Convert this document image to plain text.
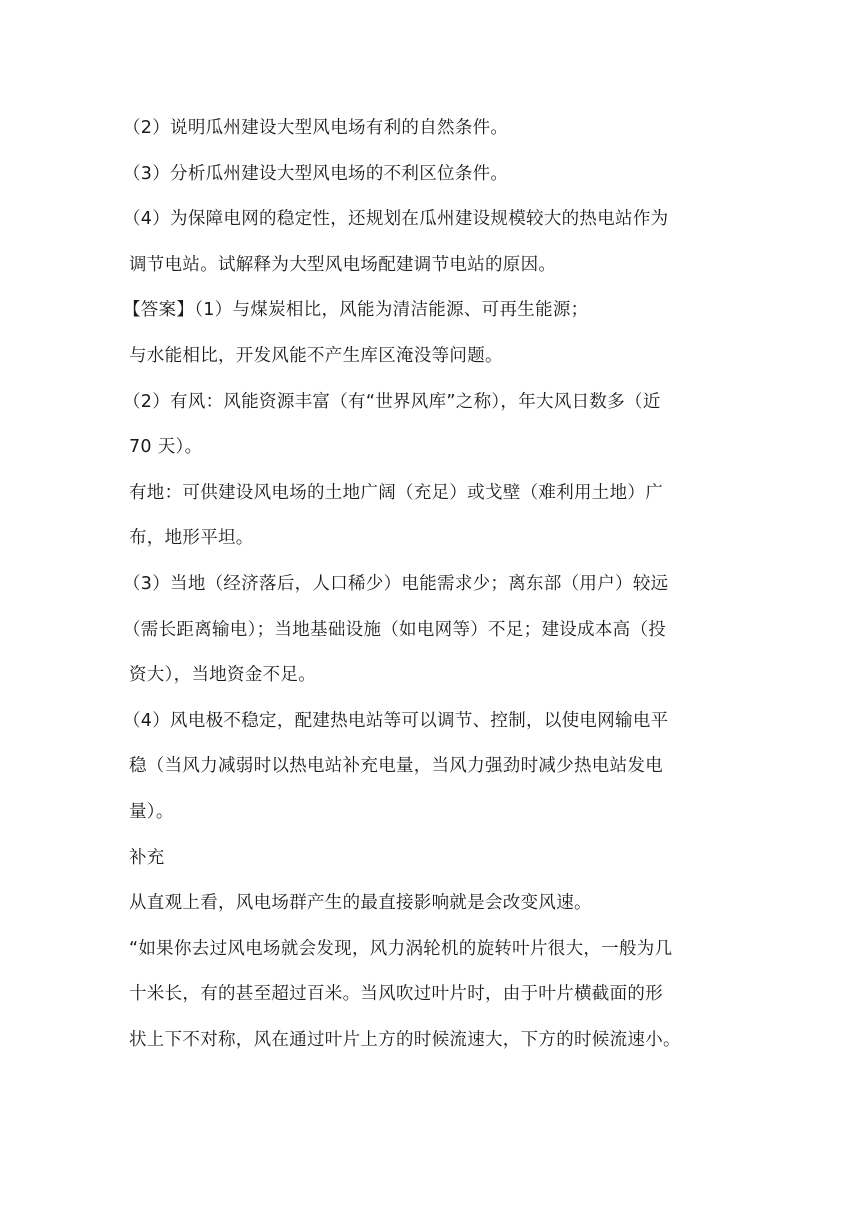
（2）说明瓜州建设大型风电场有利的自然条件。
（3）分析瓜州建设大型风电场的不利区位条件。
（4）为保障电网的稳定性，还规划在瓜州建设规模较大的热电站作为
调节电站。试解释为大型风电场配建调节电站的原因。
【答案】（1）与煤炭相比，风能为清洁能源、可再生能源；
与水能相比，开发风能不产生库区淹没等问题。
（2）有风：风能资源丰富（有“世界风库”之称），年大风日数多（近
70 天）。
有地：可供建设风电场的土地广阔（充足）或戈壁（难利用土地）广
布，地形平坦。
（3）当地（经济落后，人口稀少）电能需求少；离东部（用户）较远
（需长距离输电）；当地基础设施（如电网等）不足；建设成本高（投
资大），当地资金不足。
（4）风电极不稳定，配建热电站等可以调节、控制，以使电网输电平
稳（当风力减弱时以热电站补充电量，当风力强劲时减少热电站发电
量）。
补充
从直观上看，风电场群产生的最直接影响就是会改变风速。
“如果你去过风电场就会发现，风力涡轮机的旋转叶片很大，一般为几
十米长，有的甚至超过百米。当风吹过叶片时，由于叶片横截面的形
状上下不对称，风在通过叶片上方的时候流速大，下方的时候流速小。
